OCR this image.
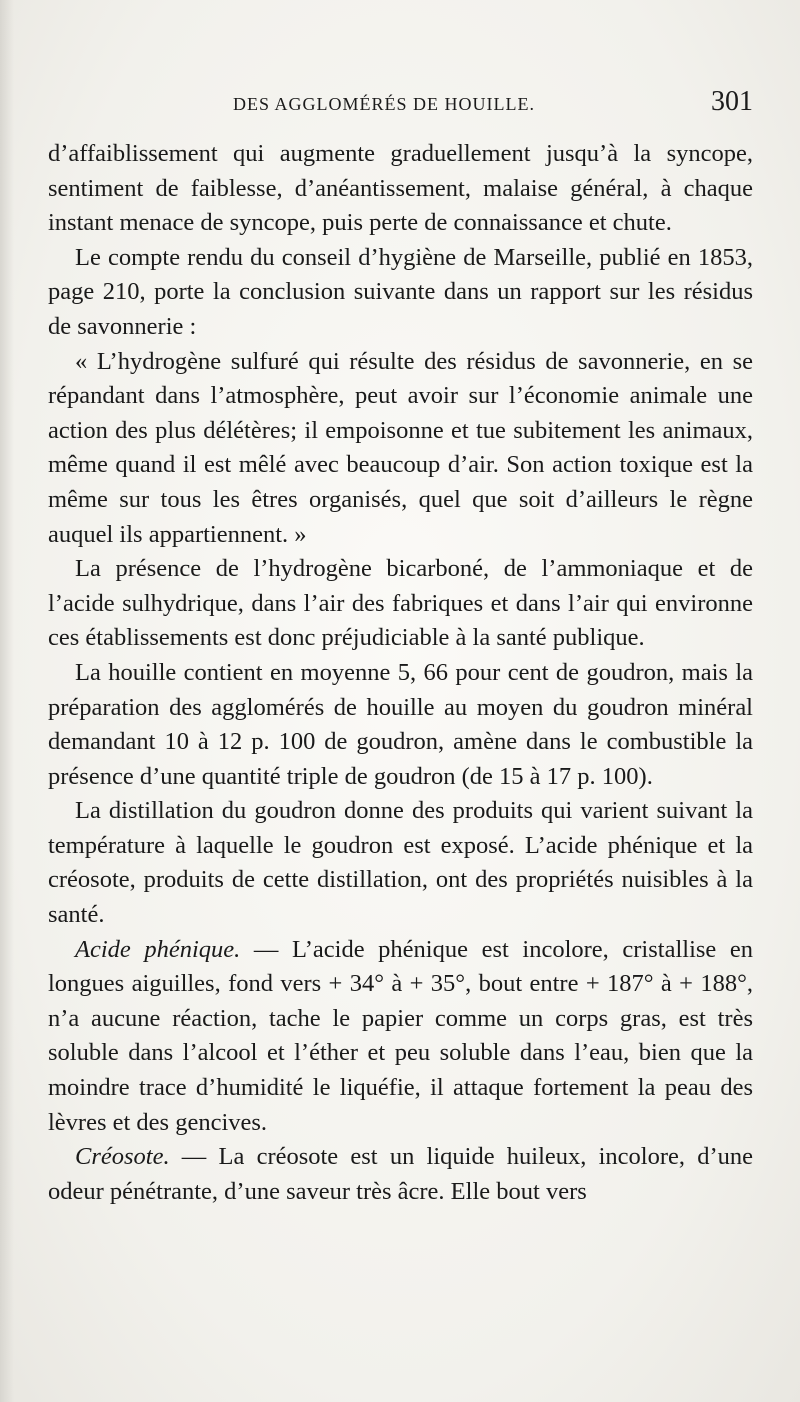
DES AGGLOMÉRÉS DE HOUILLE.	301

d’affaiblissement qui augmente graduellement jusqu’à la syncope, sentiment de faiblesse, d’anéantissement, malaise général, à chaque instant menace de syncope, puis perte de connaissance et chute.

Le compte rendu du conseil d’hygiène de Marseille, publié en 1853, page 210, porte la conclusion suivante dans un rapport sur les résidus de savonnerie :

« L’hydrogène sulfuré qui résulte des résidus de savonnerie, en se répandant dans l’atmosphère, peut avoir sur l’économie animale une action des plus délétères; il empoisonne et tue subitement les animaux, même quand il est mêlé avec beaucoup d’air. Son action toxique est la même sur tous les êtres organisés, quel que soit d’ailleurs le règne auquel ils appartiennent. »

La présence de l’hydrogène bicarboné, de l’ammoniaque et de l’acide sulhydrique, dans l’air des fabriques et dans l’air qui environne ces établissements est donc préjudiciable à la santé publique.

La houille contient en moyenne 5, 66 pour cent de goudron, mais la préparation des agglomérés de houille au moyen du goudron minéral demandant 10 à 12 p. 100 de goudron, amène dans le combustible la présence d’une quantité triple de goudron (de 15 à 17 p. 100).

La distillation du goudron donne des produits qui varient suivant la température à laquelle le goudron est exposé. L’acide phénique et la créosote, produits de cette distillation, ont des propriétés nuisibles à la santé.

Acide phénique. — L’acide phénique est incolore, cristallise en longues aiguilles, fond vers + 34° à + 35°, bout entre + 187° à + 188°, n’a aucune réaction, tache le papier comme un corps gras, est très soluble dans l’alcool et l’éther et peu soluble dans l’eau, bien que la moindre trace d’humidité le liquéfie, il attaque fortement la peau des lèvres et des gencives.

Créosote. — La créosote est un liquide huileux, incolore, d’une odeur pénétrante, d’une saveur très âcre. Elle bout vers
